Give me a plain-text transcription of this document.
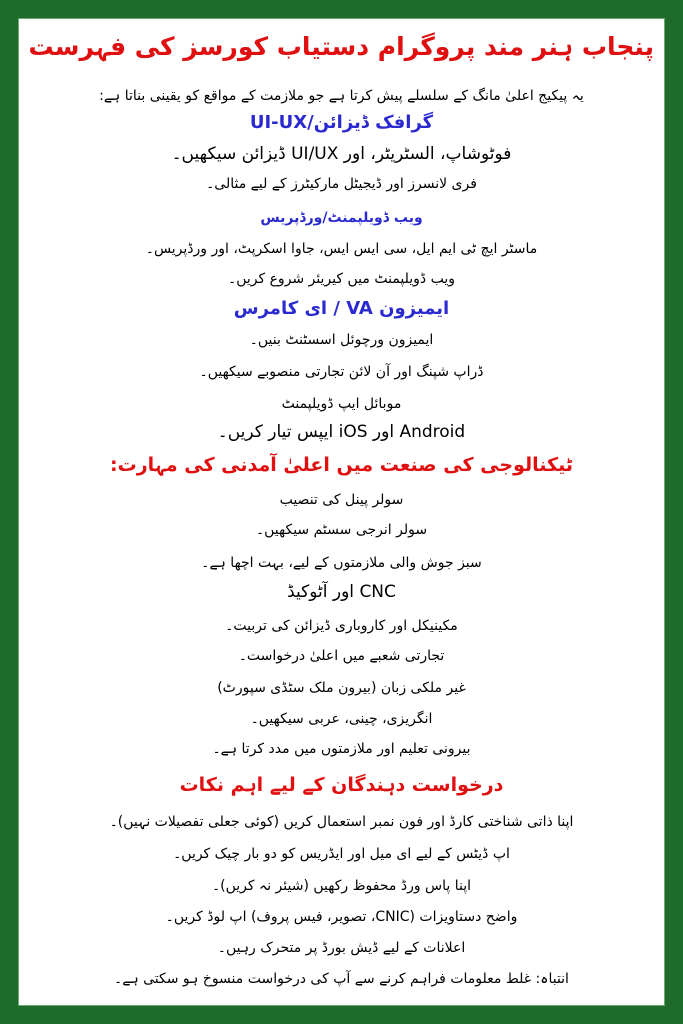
پنجاب ہنر مند پروگرام دستیاب کورسز کی فہرست
یہ پیکیج اعلیٰ مانگ کے سلسلے پیش کرتا ہے جو ملازمت کے مواقع کو یقینی بناتا ہے:
گرافک ڈیزائن/UI-UX
فوٹوشاپ، السٹریٹر، اور UI/UX ڈیزائن سیکھیں۔
فری لانسرز اور ڈیجیٹل مارکیٹرز کے لیے مثالی۔
ویب ڈویلپمنٹ/ورڈپریس
ماسٹر ایچ ٹی ایم ایل، سی ایس ایس، جاوا اسکرپٹ، اور ورڈپریس۔
ویب ڈویلپمنٹ میں کیریئر شروع کریں۔
ایمیزون VA / ای کامرس
ایمیزون ورچوئل اسسٹنٹ بنیں۔
ڈراپ شپنگ اور آن لائن تجارتی منصوبے سیکھیں۔
موبائل ایپ ڈویلپمنٹ
Android اور iOS ایپس تیار کریں۔
ٹیکنالوجی کی صنعت میں اعلیٰ آمدنی کی مہارت:
سولر پینل کی تنصیب
سولر انرجی سسٹم سیکھیں۔
سبز جوش والی ملازمتوں کے لیے، بہت اچھا ہے۔
CNC اور آٹوکیڈ
مکینیکل اور کاروباری ڈیزائن کی تربیت۔
تجارتی شعبے میں اعلیٰ درخواست۔
غیر ملکی زبان (بیرون ملک سٹڈی سپورٹ)
انگریزی، چینی، عربی سیکھیں۔
بیرونی تعلیم اور ملازمتوں میں مدد کرتا ہے۔
درخواست دہندگان کے لیے اہم نکات
اپنا ذاتی شناختی کارڈ اور فون نمبر استعمال کریں (کوئی جعلی تفصیلات نہیں)۔
اپ ڈیٹس کے لیے ای میل اور ایڈریس کو دو بار چیک کریں۔
اپنا پاس ورڈ محفوظ رکھیں (شیئر نہ کریں)۔
واضح دستاویزات (CNIC، تصویر، فیس پروف) اپ لوڈ کریں۔
اعلانات کے لیے ڈیش بورڈ پر متحرک رہیں۔
انتباہ: غلط معلومات فراہم کرنے سے آپ کی درخواست منسوخ ہو سکتی ہے۔
